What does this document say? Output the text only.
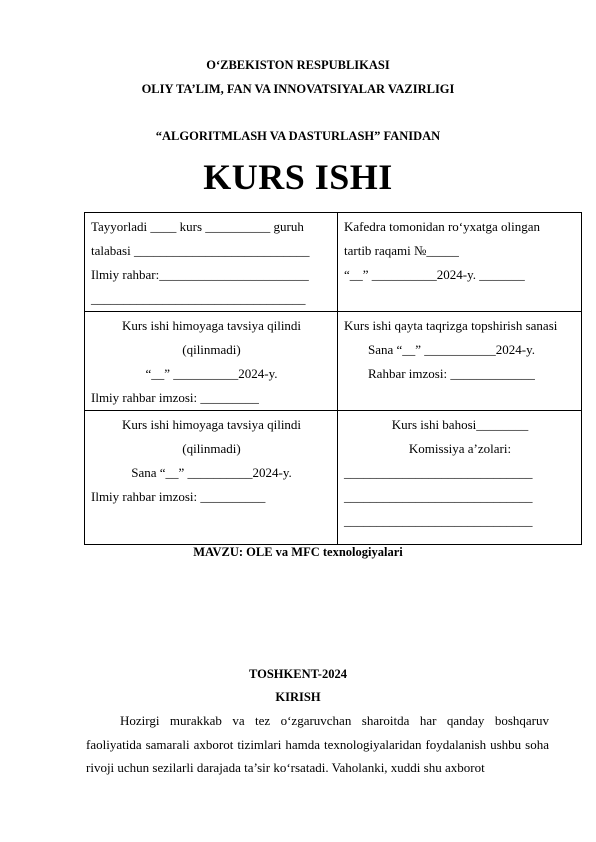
O‘ZBEKISTON RESPUBLIKASI
OLIY TA’LIM, FAN VA INNOVATSIYALAR VAZIRLIGI
“ALGORITMLASH VA DASTURLASH” FANIDAN
KURS ISHI
Tayyorladi ____ kurs __________ guruh
talabasi ___________________________
Ilmiy rahbar:_______________________
_________________________________	Kafedra tomonidan ro‘yxatga olingan
tartib raqami №_____
“__” __________2024-y. _______

Kurs ishi himoyaga tavsiya qilindi
(qilinmadi)
“__” __________2024-y.
Ilmiy rahbar imzosi: _________	Kurs ishi qayta taqrizga topshirish sanasi
Sana “__” ___________2024-y.
Rahbar imzosi: _____________

Kurs ishi himoyaga tavsiya qilindi
(qilinmadi)
Sana “__” __________2024-y.
Ilmiy rahbar imzosi: __________	Kurs ishi bahosi________
Komissiya a’zolari:
_____________________________
_____________________________
_____________________________
MAVZU: OLE va MFC texnologiyalari
TOSHKENT-2024
KIRISH
Hozirgi murakkab va tez o‘zgaruvchan sharoitda har qanday boshqaruv faoliyatida samarali axborot tizimlari hamda texnologiyalaridan foydalanish ushbu soha rivoji uchun sezilarli darajada ta’sir ko‘rsatadi. Vaholanki, xuddi shu axborot
